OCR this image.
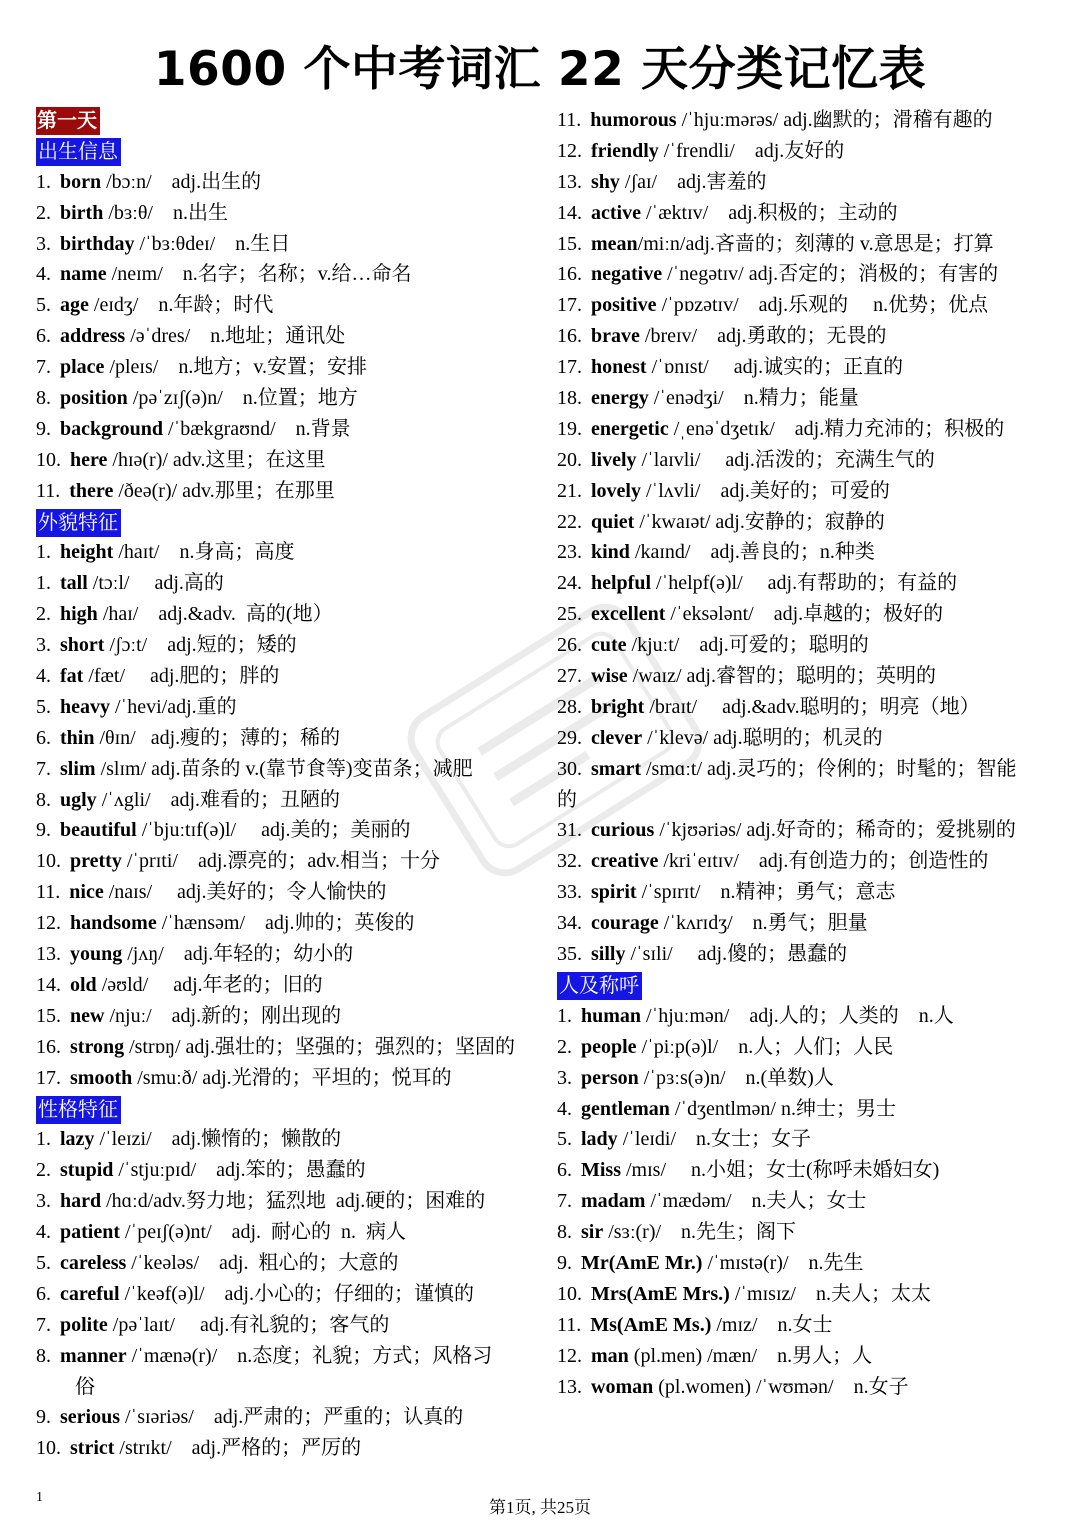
1600 个中考词汇 22 天分类记忆表
第一天
出生信息
1. born /bɔːn/    adj.出生的
2. birth /bɜːθ/    n.出生
3. birthday /ˈbɜːθdeɪ/    n.生日
4. name /neɪm/    n.名字；名称；v.给…命名
5. age /eɪdʒ/    n.年龄；时代
6. address /əˈdres/    n.地址；通讯处
7. place /pleɪs/    n.地方；v.安置；安排
8. position /pəˈzɪʃ(ə)n/    n.位置；地方
9. background /ˈbækgraʊnd/    n.背景
10. here /hɪə(r)/ adv.这里；在这里
11. there /ðeə(r)/ adv.那里；在那里
外貌特征
1. height /haɪt/    n.身高；高度
1. tall /tɔːl/     adj.高的
2. high /haɪ/    adj.&adv.  高的(地）
3. short /ʃɔːt/    adj.短的；矮的
4. fat /fæt/     adj.肥的；胖的
5. heavy /ˈhevi/adj.重的
6. thin /θɪn/   adj.瘦的；薄的；稀的
7. slim /slɪm/ adj.苗条的 v.(靠节食等)变苗条；减肥
8. ugly /ˈʌgli/    adj.难看的；丑陋的
9. beautiful /ˈbjuːtɪf(ə)l/     adj.美的；美丽的
10. pretty /ˈprɪti/    adj.漂亮的；adv.相当；十分
11. nice /naɪs/     adj.美好的；令人愉快的
12. handsome /ˈhænsəm/    adj.帅的；英俊的
13. young /jʌŋ/    adj.年轻的；幼小的
14. old /əʊld/     adj.年老的；旧的
15. new /njuː/    adj.新的；刚出现的
16. strong /strɒŋ/ adj.强壮的；坚强的；强烈的；坚固的
17. smooth /smuːð/ adj.光滑的；平坦的；悦耳的
性格特征
1. lazy /ˈleɪzi/    adj.懒惰的；懒散的
2. stupid /ˈstjuːpɪd/    adj.笨的；愚蠢的
3. hard /hɑːd/adv.努力地；猛烈地  adj.硬的；困难的
4. patient /ˈpeɪʃ(ə)nt/    adj.  耐心的  n.  病人
5. careless /ˈkeələs/    adj.  粗心的；大意的
6. careful /ˈkeəf(ə)l/    adj.小心的；仔细的；谨慎的
7. polite /pəˈlaɪt/     adj.有礼貌的；客气的
8. manner /ˈmænə(r)/    n.态度；礼貌；方式；风格习
俗
9. serious /ˈsɪəriəs/    adj.严肃的；严重的；认真的
10. strict /strɪkt/    adj.严格的；严厉的
11. humorous /ˈhjuːmərəs/ adj.幽默的；滑稽有趣的
12. friendly /ˈfrendli/    adj.友好的
13. shy /ʃaɪ/    adj.害羞的
14. active /ˈæktɪv/    adj.积极的；主动的
15. mean/miːn/adj.吝啬的；刻薄的 v.意思是；打算
16. negative /ˈnegətɪv/ adj.否定的；消极的；有害的
17. positive /ˈpɒzətɪv/    adj.乐观的     n.优势；优点
16. brave /breɪv/    adj.勇敢的；无畏的
17. honest /ˈɒnɪst/     adj.诚实的；正直的
18. energy /ˈenədʒi/    n.精力；能量
19. energetic /ˌenəˈdʒetɪk/    adj.精力充沛的；积极的
20. lively /ˈlaɪvli/     adj.活泼的；充满生气的
21. lovely /ˈlʌvli/    adj.美好的；可爱的
22. quiet /ˈkwaɪət/ adj.安静的；寂静的
23. kind /kaɪnd/    adj.善良的；n.种类
24. helpful /ˈhelpf(ə)l/     adj.有帮助的；有益的
25. excellent /ˈeksələnt/    adj.卓越的；极好的
26. cute /kjuːt/    adj.可爱的；聪明的
27. wise /waɪz/ adj.睿智的；聪明的；英明的
28. bright /braɪt/     adj.&adv.聪明的；明亮（地）
29. clever /ˈklevə/ adj.聪明的；机灵的
30. smart /smɑːt/ adj.灵巧的；伶俐的；时髦的；智能
的
31. curious /ˈkjʊəriəs/ adj.好奇的；稀奇的；爱挑剔的
32. creative /kriˈeɪtɪv/    adj.有创造力的；创造性的
33. spirit /ˈspɪrɪt/    n.精神；勇气；意志
34. courage /ˈkʌrɪdʒ/    n.勇气；胆量
35. silly /ˈsɪli/     adj.傻的；愚蠢的
人及称呼
1. human /ˈhjuːmən/    adj.人的；人类的    n.人
2. people /ˈpiːp(ə)l/    n.人；人们；人民
3. person /ˈpɜːs(ə)n/    n.(单数)人
4. gentleman /ˈdʒentlmən/ n.绅士；男士
5. lady /ˈleɪdi/    n.女士；女子
6. Miss /mɪs/     n.小姐；女士(称呼未婚妇女)
7. madam /ˈmædəm/    n.夫人；女士
8. sir /sɜː(r)/    n.先生；阁下
9. Mr(AmE Mr.) /ˈmɪstə(r)/    n.先生
10. Mrs(AmE Mrs.) /ˈmɪsɪz/    n.夫人；太太
11. Ms(AmE Ms.) /mɪz/    n.女士
12. man (pl.men) /mæn/    n.男人；人
13. woman (pl.women) /ˈwʊmən/    n.女子
1
第1页, 共25页
